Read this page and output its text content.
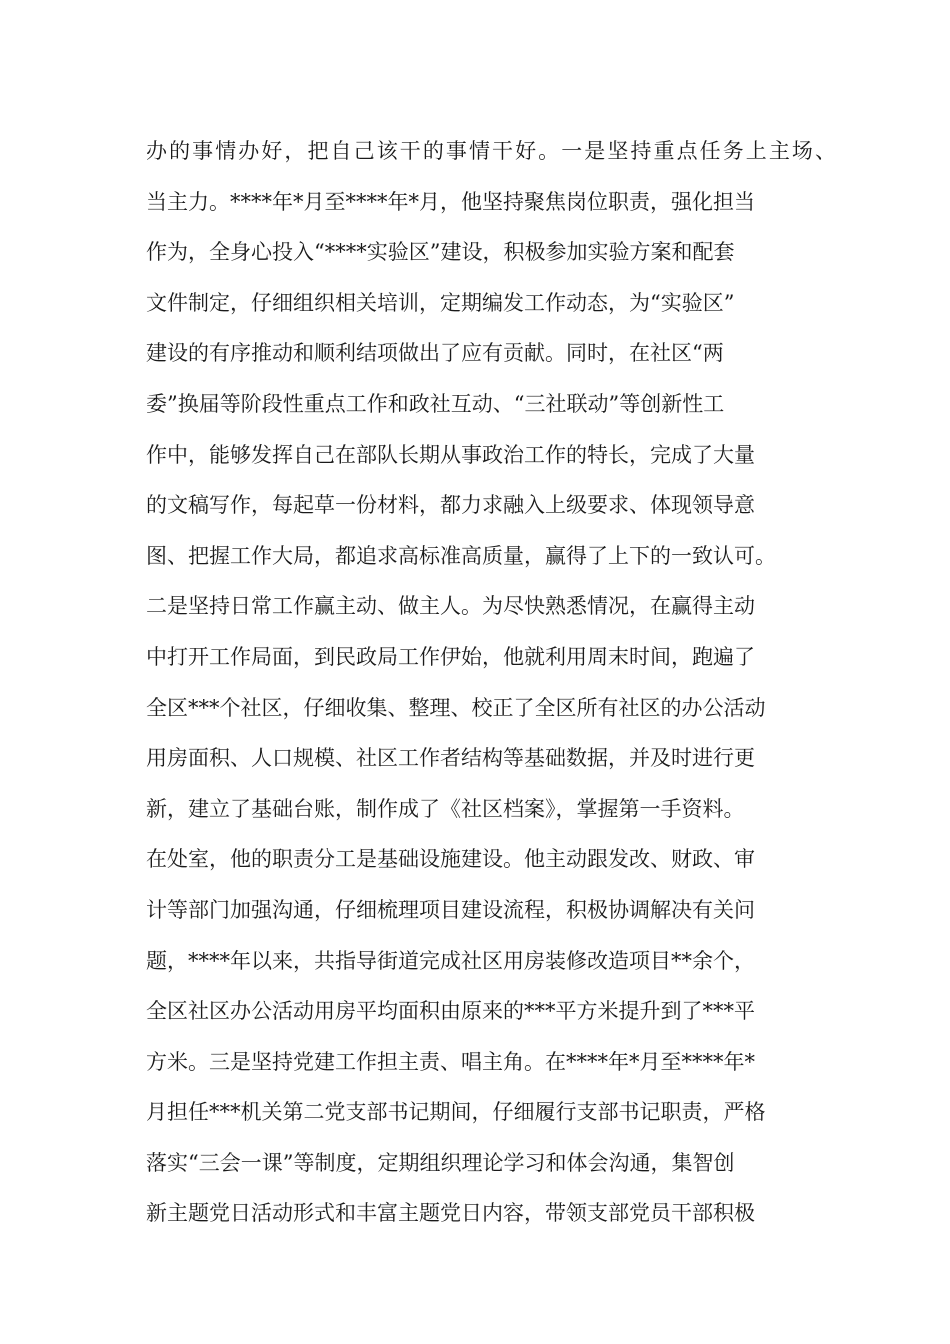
办的事情办好，把自己该干的事情干好。一是坚持重点任务上主场、
当主力。****年*月至****年*月，他坚持聚焦岗位职责，强化担当
作为，全身心投入“****实验区”建设，积极参加实验方案和配套
文件制定，仔细组织相关培训，定期编发工作动态，为“实验区”
建设的有序推动和顺利结项做出了应有贡献。同时，在社区“两
委”换届等阶段性重点工作和政社互动、“三社联动”等创新性工
作中，能够发挥自己在部队长期从事政治工作的特长，完成了大量
的文稿写作，每起草一份材料，都力求融入上级要求、体现领导意
图、把握工作大局，都追求高标准高质量，赢得了上下的一致认可。
二是坚持日常工作赢主动、做主人。为尽快熟悉情况，在赢得主动
中打开工作局面，到民政局工作伊始，他就利用周末时间，跑遍了
全区***个社区，仔细收集、整理、校正了全区所有社区的办公活动
用房面积、人口规模、社区工作者结构等基础数据，并及时进行更
新，建立了基础台账，制作成了《社区档案》，掌握第一手资料。
在处室，他的职责分工是基础设施建设。他主动跟发改、财政、审
计等部门加强沟通，仔细梳理项目建设流程，积极协调解决有关问
题，****年以来，共指导街道完成社区用房装修改造项目**余个，
全区社区办公活动用房平均面积由原来的***平方米提升到了***平
方米。三是坚持党建工作担主责、唱主角。在****年*月至****年*
月担任***机关第二党支部书记期间，仔细履行支部书记职责，严格
落实“三会一课”等制度，定期组织理论学习和体会沟通，集智创
新主题党日活动形式和丰富主题党日内容，带领支部党员干部积极
